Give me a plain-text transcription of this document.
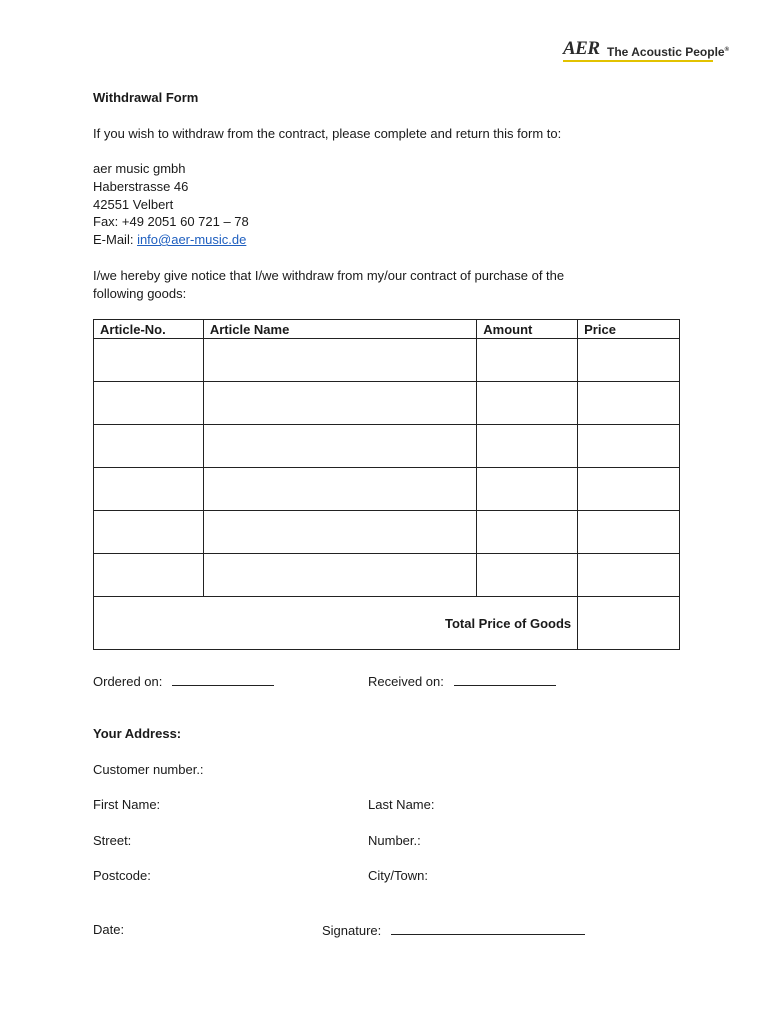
AER The Acoustic People®
Withdrawal Form
If you wish to withdraw from the contract, please complete and return this form to:
aer music gmbh
Haberstrasse 46
42551 Velbert
Fax: +49 2051 60 721 – 78
E-Mail: info@aer-music.de
I/we hereby give notice that I/we withdraw from my/our contract of purchase of the
following goods:
Article-No.	Article Name	Amount	Price

Total Price of Goods			
Ordered on:	Received on:
Your Address:
Customer number.:
First Name:	Last Name:
Street:	Number.:
Postcode:	City/Town:
Date:	Signature:
